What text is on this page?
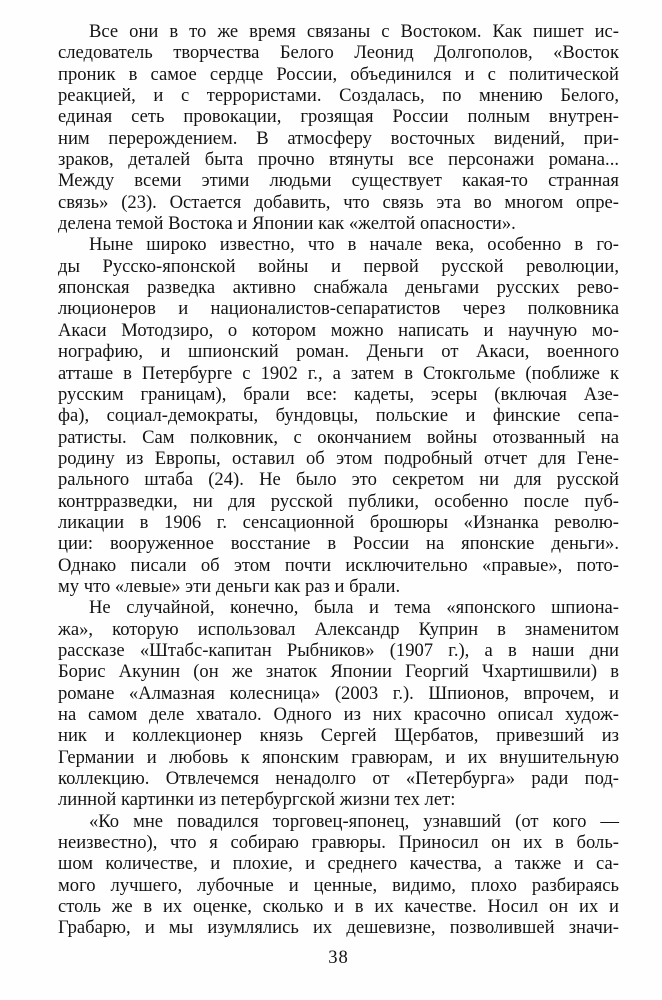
Все они в то же время связаны с Востоком. Как пишет ис-
следователь творчества Белого Леонид Долгополов, «Восток
проник в самое сердце России, объединился и с политической
реакцией, и с террористами. Создалась, по мнению Белого,
единая сеть провокации, грозящая России полным внутрен-
ним перерождением. В атмосферу восточных видений, при-
зраков, деталей быта прочно втянуты все персонажи романа...
Между всеми этими людьми существует какая-то странная
связь» (23). Остается добавить, что связь эта во многом опре-
делена темой Востока и Японии как «желтой опасности».
Ныне широко известно, что в начале века, особенно в го-
ды Русско-японской войны и первой русской революции,
японская разведка активно снабжала деньгами русских рево-
люционеров и националистов-сепаратистов через полковника
Акаси Мотодзиро, о котором можно написать и научную мо-
нографию, и шпионский роман. Деньги от Акаси, военного
атташе в Петербурге с 1902 г., а затем в Стокгольме (поближе к
русским границам), брали все: кадеты, эсеры (включая Азе-
фа), социал-демократы, бундовцы, польские и финские сепа-
ратисты. Сам полковник, с окончанием войны отозванный на
родину из Европы, оставил об этом подробный отчет для Гене-
рального штаба (24). Не было это секретом ни для русской
контрразведки, ни для русской публики, особенно после пуб-
ликации в 1906 г. сенсационной брошюры «Изнанка револю-
ции: вооруженное восстание в России на японские деньги».
Однако писали об этом почти исключительно «правые», пото-
му что «левые» эти деньги как раз и брали.
Не случайной, конечно, была и тема «японского шпиона-
жа», которую использовал Александр Куприн в знаменитом
рассказе «Штабс-капитан Рыбников» (1907 г.), а в наши дни
Борис Акунин (он же знаток Японии Георгий Чхартишвили) в
романе «Алмазная колесница» (2003 г.). Шпионов, впрочем, и
на самом деле хватало. Одного из них красочно описал худож-
ник и коллекционер князь Сергей Щербатов, привезший из
Германии и любовь к японским гравюрам, и их внушительную
коллекцию. Отвлечемся ненадолго от «Петербурга» ради под-
линной картинки из петербургской жизни тех лет:
«Ко мне повадился торговец-японец, узнавший (от кого —
неизвестно), что я собираю гравюры. Приносил он их в боль-
шом количестве, и плохие, и среднего качества, а также и са-
мого лучшего, лубочные и ценные, видимо, плохо разбираясь
столь же в их оценке, сколько и в их качестве. Носил он их и
Грабарю, и мы изумлялись их дешевизне, позволившей значи-
38
